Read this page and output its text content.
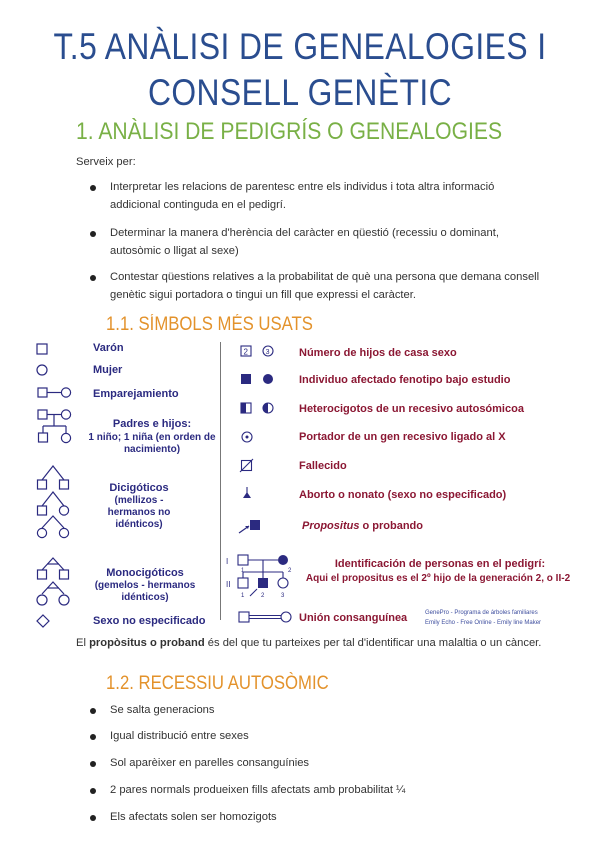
T.5 ANÀLISI DE GENEALOGIES I
CONSELL GENÈTIC
1. ANÀLISI DE PEDIGRÍS O GENEALOGIES
Serveix per:
Interpretar les relacions de parentesc entre els individus i tota altra informació addicional continguda en el pedigrí.
Determinar la manera d'herència del caràcter en qüestió (recessiu o dominant, autosòmic o lligat al sexe)
Contestar qüestions relatives a la probabilitat de què una persona que demana consell genètic sigui portadora o tingui un fill que expressi el caràcter.
1.1. SÍMBOLS MÉS USATS
Varón
Mujer
Emparejamiento
Padres e hijos:
1 niño; 1 niña (en orden de nacimiento)
Dicigóticos
(mellizos - hermanos no idénticos)
Monocigóticos
(gemelos - hermanos idénticos)
Sexo no especificado
2	3
I
II
1	2
1	2	3
Número de hijos de casa sexo
Individuo afectado fenotipo bajo estudio
Heterocigotos de un recesivo autosómicoa
Portador de un gen recesivo ligado al X
Fallecido
Aborto o nonato (sexo no especificado)
Propositus o probando
Identificación de personas en el pedigrí:
Aqui el propositus es el 2º hijo de la generación 2, o II-2
Unión consanguínea	GenePro - Programa de árboles familiares
Emily Echo - Free Online - Emily line Maker
El propòsitus o proband és del que tu parteixes per tal d'identificar una malaltia o un càncer.
1.2. RECESSIU AUTOSÒMIC
Se salta generacions
Igual distribució entre sexes
Sol aparèixer en parelles consanguínies
2 pares normals produeixen fills afectats amb probabilitat ¼
Els afectats solen ser homozigots
